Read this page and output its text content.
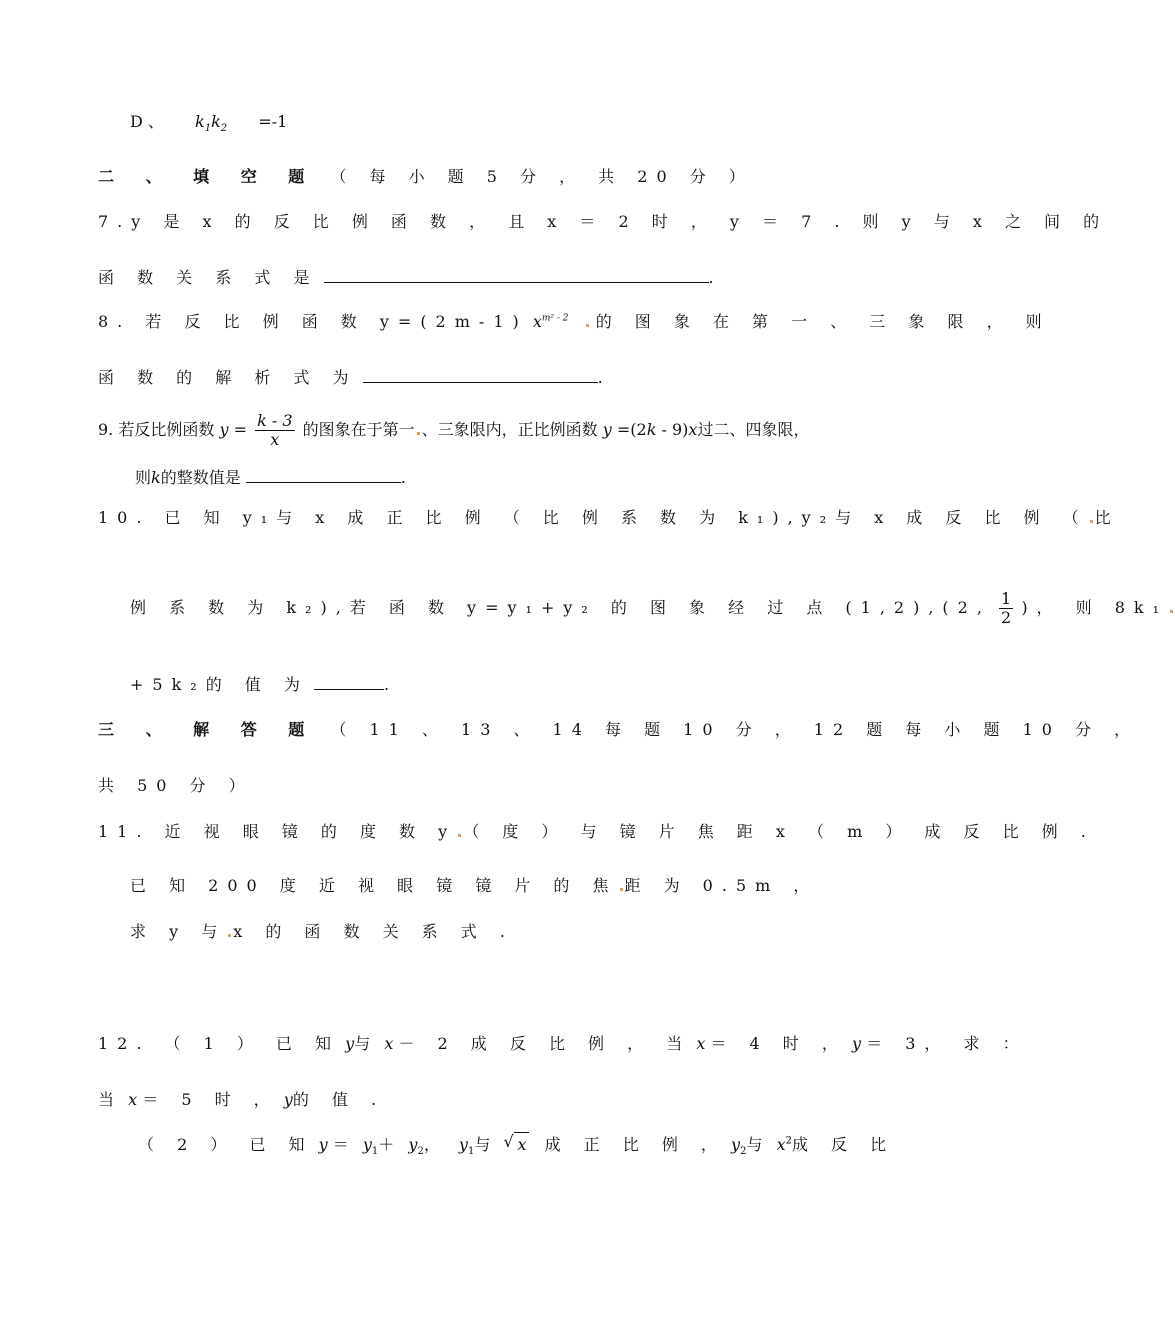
D 、 $k_1k_2 =-1$
二 、 填 空 题 （ 每 小 题 5 分 ， 共 20 分 ）
7.y 是 x 的 反 比 例 函 数 ， 且 x ＝ 2 时 ， y ＝ 7 . 则 y 与 x 之 间 的
函 数 关 系 式 是	.
8. 若 反 比 例 函 数 y=(2m-1) $x^{m^2 - 2}$ 的 图 象 在 第 一 、 三 象 限 ， 则
函 数 的 解 析 式 为	.
9. 若反比例函数 $y = \frac{k - 3}{x}$ 的图象在于第一 、三象限内，正比例函数 y =(2k - 9)x过二、四象限，
则k的整数值是	.
10. 已 知 y₁与 x 成 正 比 例 （ 比 例 系 数 为 k₁),y₂与 x 成 反 比 例 （ 比
例 系 数 为 k₂),若 函 数 y=y₁+y₂ 的 图 象 经 过 点 (1,2),(2, $\frac{1}{2}$ )， 则 8k₁
+5k₂的 值 为	.
三 、 解 答 题 （ 11 、 13 、 14 每 题 10 分 ， 12 题 每 小 题 10 分 ，
共 50 分 ）
11. 近 视 眼 镜 的 度 数 y （ 度 ） 与 镜 片 焦 距 x （ m ） 成 反 比 例 .
已 知 200 度 近 视 眼 镜 镜 片 的 焦 距 为 0.5m ，
求 y 与 x 的 函 数 关 系 式 .
12. （ 1 ） 已 知 y与 x － 2 成 反 比 例 ， 当 x ＝ 4 时 ， y ＝ 3， 求 ：
当 x ＝ 5 时 ， y的 值 .
（ 2 ） 已 知 $y = y_1+ y_2$， $y_1$与 √ x 成 正 比 例 ， $y_2$与 $x^2$成 反 比
